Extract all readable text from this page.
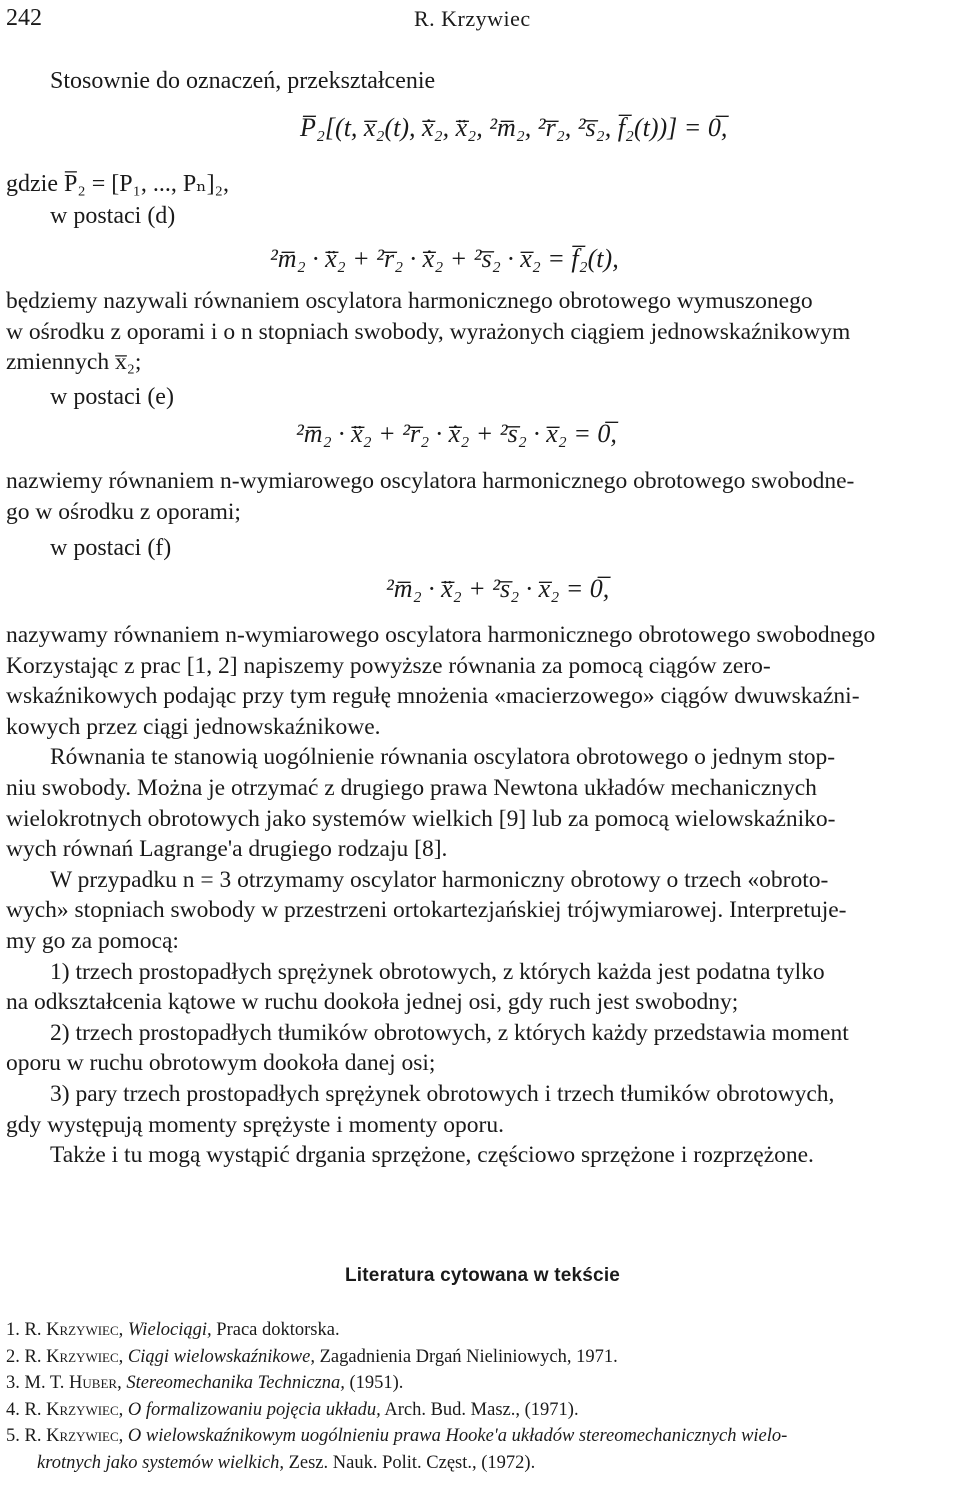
242	R. Krzywiec
Stosownie do oznaczeń, przekształcenie
P̅₂[(t, x̅₂(t), x̅̇₂, x̅̈₂, ²m̅₂, ²r̅₂, ²s̅₂, f̅₂(t))] = 0̅,
gdzie P̅₂ = [P₁, ..., Pₙ]₂,
w postaci (d)
²m̅₂ · x̅̈₂ + ²r̅₂ · x̅̇₂ + ²s̅₂ · x̅₂ = f̅₂(t),
będziemy nazywali równaniem oscylatora harmonicznego obrotowego wymuszonego
w ośrodku z oporami i o n stopniach swobody, wyrażonych ciągiem jednowskaźnikowym
zmiennych x̅₂;
w postaci (e)
²m̅₂ · x̅̈₂ + ²r̅₂ · x̅̇₂ + ²s̅₂ · x̅₂ = 0̅,
nazwiemy równaniem n-wymiarowego oscylatora harmonicznego obrotowego swobodne-
go w ośrodku z oporami;
w postaci (f)
²m̅₂ · x̅̈₂ + ²s̅₂ · x̅₂ = 0̅,
nazywamy równaniem n-wymiarowego oscylatora harmonicznego obrotowego swobodnego
Korzystając z prac [1, 2] napiszemy powyższe równania za pomocą ciągów zero-
wskaźnikowych podając przy tym regułę mnożenia «macierzowego» ciągów dwuwskaźni-
kowych przez ciągi jednowskaźnikowe.
Równania te stanowią uogólnienie równania oscylatora obrotowego o jednym stop-
niu swobody. Można je otrzymać z drugiego prawa Newtona układów mechanicznych
wielokrotnych obrotowych jako systemów wielkich [9] lub za pomocą wielowskaźniko-
wych równań Lagrange'a drugiego rodzaju [8].
W przypadku n = 3 otrzymamy oscylator harmoniczny obrotowy o trzech «obroto-
wych» stopniach swobody w przestrzeni ortokartezjańskiej trójwymiarowej. Interpretuje-
my go za pomocą:
1) trzech prostopadłych sprężynek obrotowych, z których każda jest podatna tylko
na odkształcenia kątowe w ruchu dookoła jednej osi, gdy ruch jest swobodny;
2) trzech prostopadłych tłumików obrotowych, z których każdy przedstawia moment
oporu w ruchu obrotowym dookoła danej osi;
3) pary trzech prostopadłych sprężynek obrotowych i trzech tłumików obrotowych,
gdy występują momenty sprężyste i momenty oporu.
Także i tu mogą wystąpić drgania sprzężone, częściowo sprzężone i rozprzężone.
Literatura cytowana w tekście
1. R. Krzywiec, Wielociągi, Praca doktorska.
2. R. Krzywiec, Ciągi wielowskaźnikowe, Zagadnienia Drgań Nieliniowych, 1971.
3. M. T. Huber, Stereomechanika Techniczna, (1951).
4. R. Krzywiec, O formalizowaniu pojęcia układu, Arch. Bud. Masz., (1971).
5. R. Krzywiec, O wielowskaźnikowym uogólnieniu prawa Hooke'a układów stereomechanicznych wielo-
krotnych jako systemów wielkich, Zesz. Nauk. Polit. Częst., (1972).
